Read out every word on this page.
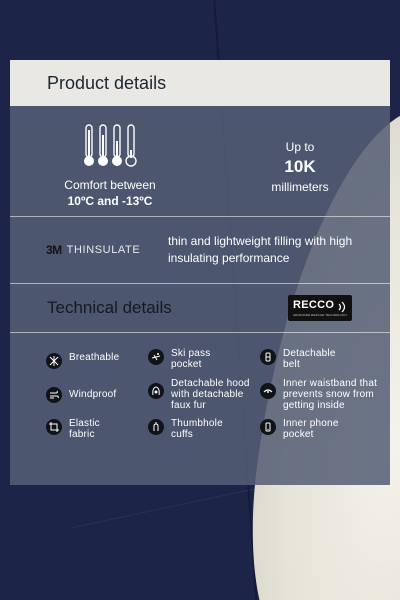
Product details
Comfort between
10ºC and -13ºC
Up to
10K
millimeters
3M THINSULATE
thin and lightweight filling with high insulating performance
Technical details	RECCO
ADVANCED RESCUE TECHNOLOGY
Breathable	Ski pass pocket
Detachable belt
Windproof
Detachable hood with detachable faux fur
Inner waistband that prevents snow from getting inside
Elastic fabric
Thumbhole cuffs
Inner phone pocket
